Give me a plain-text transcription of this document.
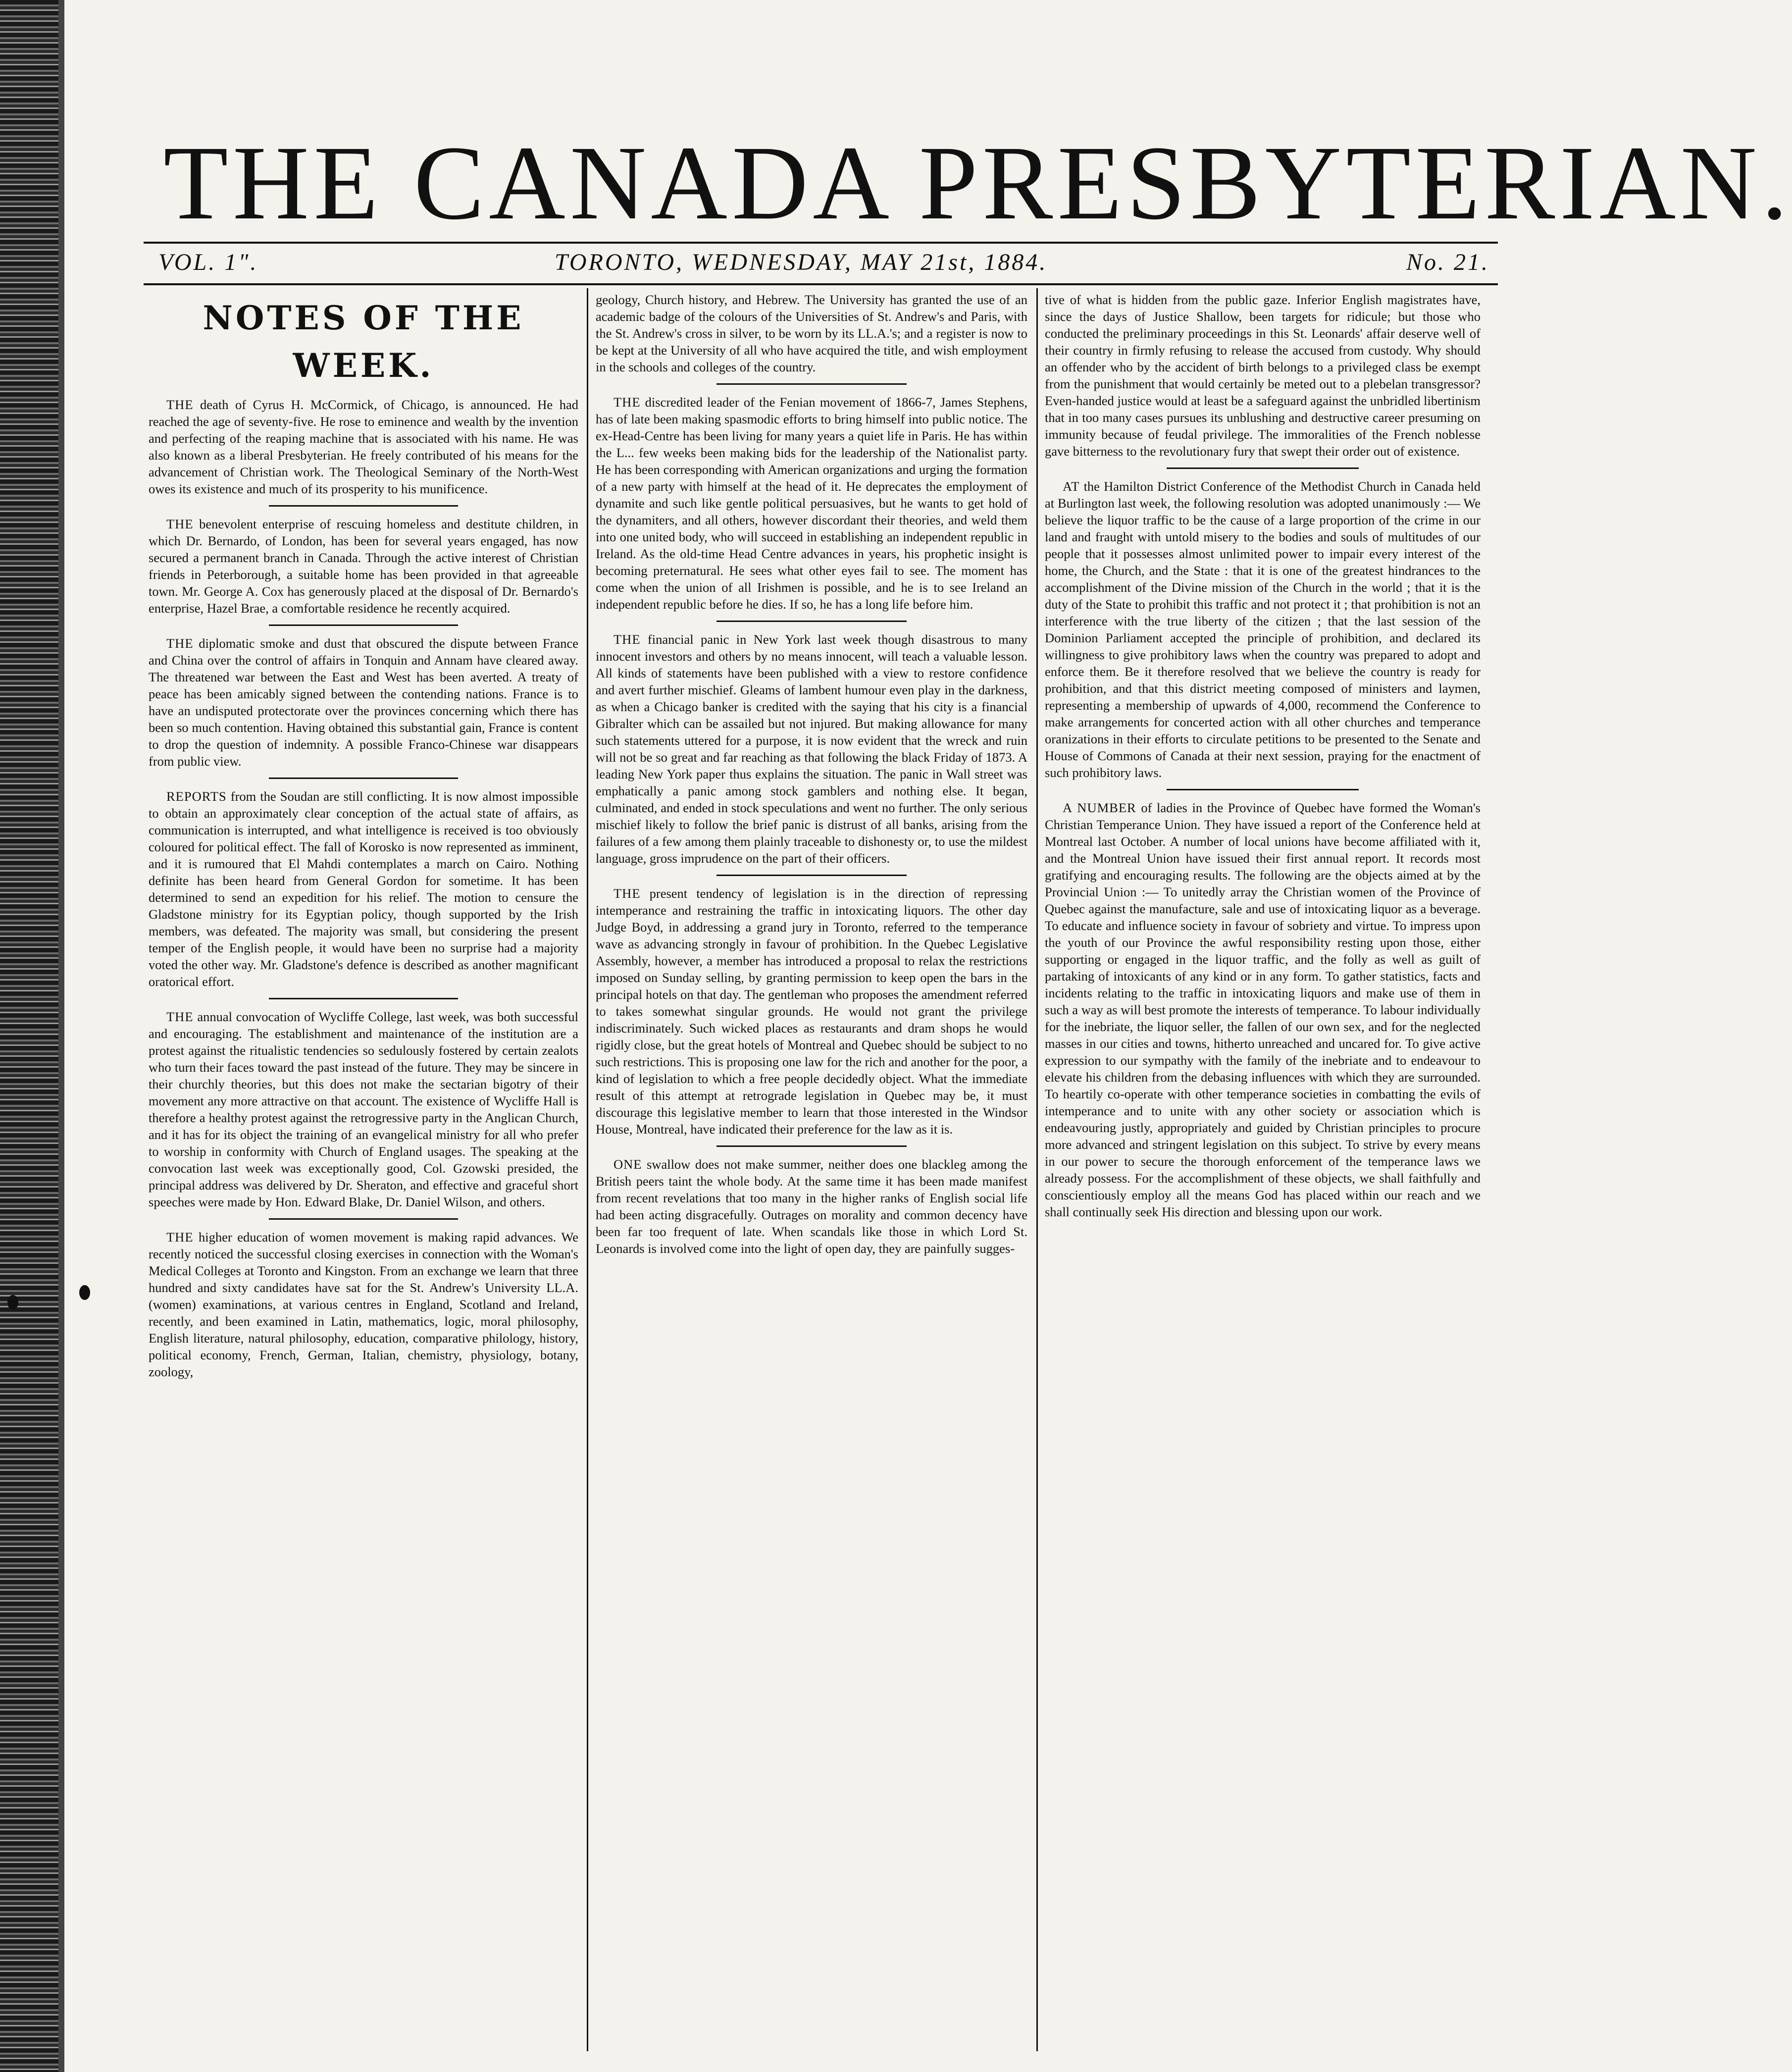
THE CANADA PRESBYTERIAN.
VOL. 1".	TORONTO, WEDNESDAY, MAY 21st, 1884.	No. 21.
NOTES OF THE WEEK.

THE death of Cyrus H. McCormick, of Chicago, is announced. He had reached the age of seventy-five. He rose to eminence and wealth by the invention and perfecting of the reaping machine that is associated with his name. He was also known as a liberal Presbyterian. He freely contributed of his means for the advancement of Christian work. The Theological Seminary of the North-West owes its existence and much of its prosperity to his munificence.

THE benevolent enterprise of rescuing homeless and destitute children, in which Dr. Bernardo, of London, has been for several years engaged, has now secured a permanent branch in Canada. Through the active interest of Christian friends in Peterborough, a suitable home has been provided in that agreeable town. Mr. George A. Cox has generously placed at the disposal of Dr. Bernardo's enterprise, Hazel Brae, a comfortable residence he recently acquired.

THE diplomatic smoke and dust that obscured the dispute between France and China over the control of affairs in Tonquin and Annam have cleared away. The threatened war between the East and West has been averted. A treaty of peace has been amicably signed between the contending nations. France is to have an undisputed protectorate over the provinces concerning which there has been so much contention. Having obtained this substantial gain, France is content to drop the question of indemnity. A possible Franco-Chinese war disappears from public view.

REPORTS from the Soudan are still conflicting. It is now almost impossible to obtain an approximately clear conception of the actual state of affairs, as communication is interrupted, and what intelligence is received is too obviously coloured for political effect. The fall of Korosko is now represented as imminent, and it is rumoured that El Mahdi contemplates a march on Cairo. Nothing definite has been heard from General Gordon for sometime. It has been determined to send an expedition for his relief. The motion to censure the Gladstone ministry for its Egyptian policy, though supported by the Irish members, was defeated. The majority was small, but considering the present temper of the English people, it would have been no surprise had a majority voted the other way. Mr. Gladstone's defence is described as another magnificant oratorical effort.

THE annual convocation of Wycliffe College, last week, was both successful and encouraging. The establishment and maintenance of the institution are a protest against the ritualistic tendencies so sedulously fostered by certain zealots who turn their faces toward the past instead of the future. They may be sincere in their churchly theories, but this does not make the sectarian bigotry of their movement any more attractive on that account. The existence of Wycliffe Hall is therefore a healthy protest against the retrogressive party in the Anglican Church, and it has for its object the training of an evangelical ministry for all who prefer to worship in conformity with Church of England usages. The speaking at the convocation last week was exceptionally good, Col. Gzowski presided, the principal address was delivered by Dr. Sheraton, and effective and graceful short speeches were made by Hon. Edward Blake, Dr. Daniel Wilson, and others.

THE higher education of women movement is making rapid advances. We recently noticed the successful closing exercises in connection with the Woman's Medical Colleges at Toronto and Kingston. From an exchange we learn that three hundred and sixty candidates have sat for the St. Andrew's University LL.A. (women) examinations, at various centres in England, Scotland and Ireland, recently, and been examined in Latin, mathematics, logic, moral philosophy, English literature, natural philosophy, education, comparative philology, history, political economy, French, German, Italian, chemistry, physiology, botany, zoology,

geology, Church history, and Hebrew. The University has granted the use of an academic badge of the colours of the Universities of St. Andrew's and Paris, with the St. Andrew's cross in silver, to be worn by its LL.A.'s; and a register is now to be kept at the University of all who have acquired the title, and wish employment in the schools and colleges of the country.

THE discredited leader of the Fenian movement of 1866-7, James Stephens, has of late been making spasmodic efforts to bring himself into public notice. The ex-Head-Centre has been living for many years a quiet life in Paris. He has within the L... few weeks been making bids for the leadership of the Nationalist party. He has been corresponding with American organizations and urging the formation of a new party with himself at the head of it. He deprecates the employment of dynamite and such like gentle political persuasives, but he wants to get hold of the dynamiters, and all others, however discordant their theories, and weld them into one united body, who will succeed in establishing an independent republic in Ireland. As the old-time Head Centre advances in years, his prophetic insight is becoming preternatural. He sees what other eyes fail to see. The moment has come when the union of all Irishmen is possible, and he is to see Ireland an independent republic before he dies. If so, he has a long life before him.

THE financial panic in New York last week though disastrous to many innocent investors and others by no means innocent, will teach a valuable lesson. All kinds of statements have been published with a view to restore confidence and avert further mischief. Gleams of lambent humour even play in the darkness, as when a Chicago banker is credited with the saying that his city is a financial Gibralter which can be assailed but not injured. But making allowance for many such statements uttered for a purpose, it is now evident that the wreck and ruin will not be so great and far reaching as that following the black Friday of 1873. A leading New York paper thus explains the situation. The panic in Wall street was emphatically a panic among stock gamblers and nothing else. It began, culminated, and ended in stock speculations and went no further. The only serious mischief likely to follow the brief panic is distrust of all banks, arising from the failures of a few among them plainly traceable to dishonesty or, to use the mildest language, gross imprudence on the part of their officers.

THE present tendency of legislation is in the direction of repressing intemperance and restraining the traffic in intoxicating liquors. The other day Judge Boyd, in addressing a grand jury in Toronto, referred to the temperance wave as advancing strongly in favour of prohibition. In the Quebec Legislative Assembly, however, a member has introduced a proposal to relax the restrictions imposed on Sunday selling, by granting permission to keep open the bars in the principal hotels on that day. The gentleman who proposes the amendment referred to takes somewhat singular grounds. He would not grant the privilege indiscriminately. Such wicked places as restaurants and dram shops he would rigidly close, but the great hotels of Montreal and Quebec should be subject to no such restrictions. This is proposing one law for the rich and another for the poor, a kind of legislation to which a free people decidedly object. What the immediate result of this attempt at retrograde legislation in Quebec may be, it must discourage this legislative member to learn that those interested in the Windsor House, Montreal, have indicated their preference for the law as it is.

ONE swallow does not make summer, neither does one blackleg among the British peers taint the whole body. At the same time it has been made manifest from recent revelations that too many in the higher ranks of English social life had been acting disgracefully. Outrages on morality and common decency have been far too frequent of late. When scandals like those in which Lord St. Leonards is involved come into the light of open day, they are painfully sugges-

tive of what is hidden from the public gaze. Inferior English magistrates have, since the days of Justice Shallow, been targets for ridicule; but those who conducted the preliminary proceedings in this St. Leonards' affair deserve well of their country in firmly refusing to release the accused from custody. Why should an offender who by the accident of birth belongs to a privileged class be exempt from the punishment that would certainly be meted out to a plebelan transgressor? Even-handed justice would at least be a safeguard against the unbridled libertinism that in too many cases pursues its unblushing and destructive career presuming on immunity because of feudal privilege. The immoralities of the French noblesse gave bitterness to the revolutionary fury that swept their order out of existence.

AT the Hamilton District Conference of the Methodist Church in Canada held at Burlington last week, the following resolution was adopted unanimously :— We believe the liquor traffic to be the cause of a large proportion of the crime in our land and fraught with untold misery to the bodies and souls of multitudes of our people that it possesses almost unlimited power to impair every interest of the home, the Church, and the State : that it is one of the greatest hindrances to the accomplishment of the Divine mission of the Church in the world ; that it is the duty of the State to prohibit this traffic and not protect it ; that prohibition is not an interference with the true liberty of the citizen ; that the last session of the Dominion Parliament accepted the principle of prohibition, and declared its willingness to give prohibitory laws when the country was prepared to adopt and enforce them. Be it therefore resolved that we believe the country is ready for prohibition, and that this district meeting composed of ministers and laymen, representing a membership of upwards of 4,000, recommend the Conference to make arrangements for concerted action with all other churches and temperance oranizations in their efforts to circulate petitions to be presented to the Senate and House of Commons of Canada at their next session, praying for the enactment of such prohibitory laws.

A NUMBER of ladies in the Province of Quebec have formed the Woman's Christian Temperance Union. They have issued a report of the Conference held at Montreal last October. A number of local unions have become affiliated with it, and the Montreal Union have issued their first annual report. It records most gratifying and encouraging results. The following are the objects aimed at by the Provincial Union :— To unitedly array the Christian women of the Province of Quebec against the manufacture, sale and use of intoxicating liquor as a beverage. To educate and influence society in favour of sobriety and virtue. To impress upon the youth of our Province the awful responsibility resting upon those, either supporting or engaged in the liquor traffic, and the folly as well as guilt of partaking of intoxicants of any kind or in any form. To gather statistics, facts and incidents relating to the traffic in intoxicating liquors and make use of them in such a way as will best promote the interests of temperance. To labour individually for the inebriate, the liquor seller, the fallen of our own sex, and for the neglected masses in our cities and towns, hitherto unreached and uncared for. To give active expression to our sympathy with the family of the inebriate and to endeavour to elevate his children from the debasing influences with which they are surrounded. To heartily co-operate with other temperance societies in combatting the evils of intemperance and to unite with any other society or association which is endeavouring justly, appropriately and guided by Christian principles to procure more advanced and stringent legislation on this subject. To strive by every means in our power to secure the thorough enforcement of the temperance laws we already possess. For the accomplishment of these objects, we shall faithfully and conscientiously employ all the means God has placed within our reach and we shall continually seek His direction and blessing upon our work.
